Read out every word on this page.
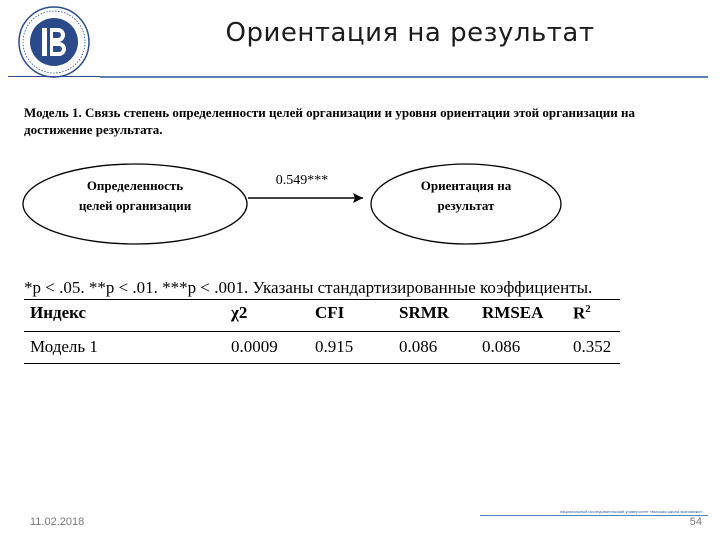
Ориентация на результат
Модель 1. Связь степень определенности целей организации и уровня ориентации этой организации на достижение результата.
Определенность
целей организации
Ориентация на
результат
0.549***
*p < .05. **p < .01. ***p < .001. Указаны стандартизированные коэффициенты.
Индекс	χ2	CFI	SRMR	RMSEA	$R^2$
Модель 1	0.0009	0.915	0.086	0.086	0.352
национальный исследовательский университет «высшая школа экономики»
11.02.2018	54
